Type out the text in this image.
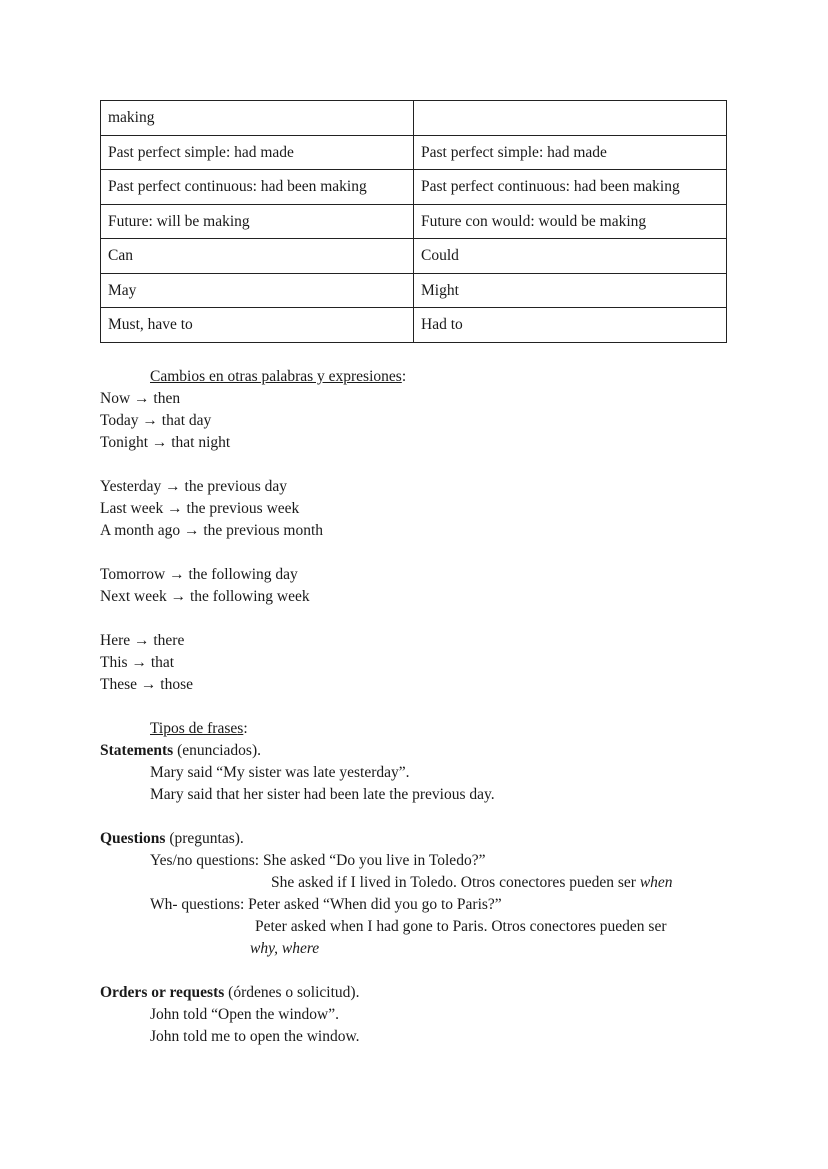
making	
Past perfect simple: had made	Past perfect simple: had made
Past perfect continuous: had been making	Past perfect continuous: had been making
Future: will be making	Future con would: would be making
Can	Could
May	Might
Must, have to	Had to
Cambios en otras palabras y expresiones:
Now → then
Today → that day
Tonight → that night
Yesterday → the previous day
Last week → the previous week
A month ago → the previous month
Tomorrow → the following day
Next week → the following week
Here → there
This → that
These → those
Tipos de frases:
Statements (enunciados).
Mary said “My sister was late yesterday”.
Mary said that her sister had been late the previous day.
Questions (preguntas).
Yes/no questions: She asked “Do you live in Toledo?”
She asked if I lived in Toledo. Otros conectores pueden ser when
Wh- questions: Peter asked “When did you go to Paris?”
Peter asked when I had gone to Paris. Otros conectores pueden ser
why, where
Orders or requests (órdenes o solicitud).
John told “Open the window”.
John told me to open the window.
